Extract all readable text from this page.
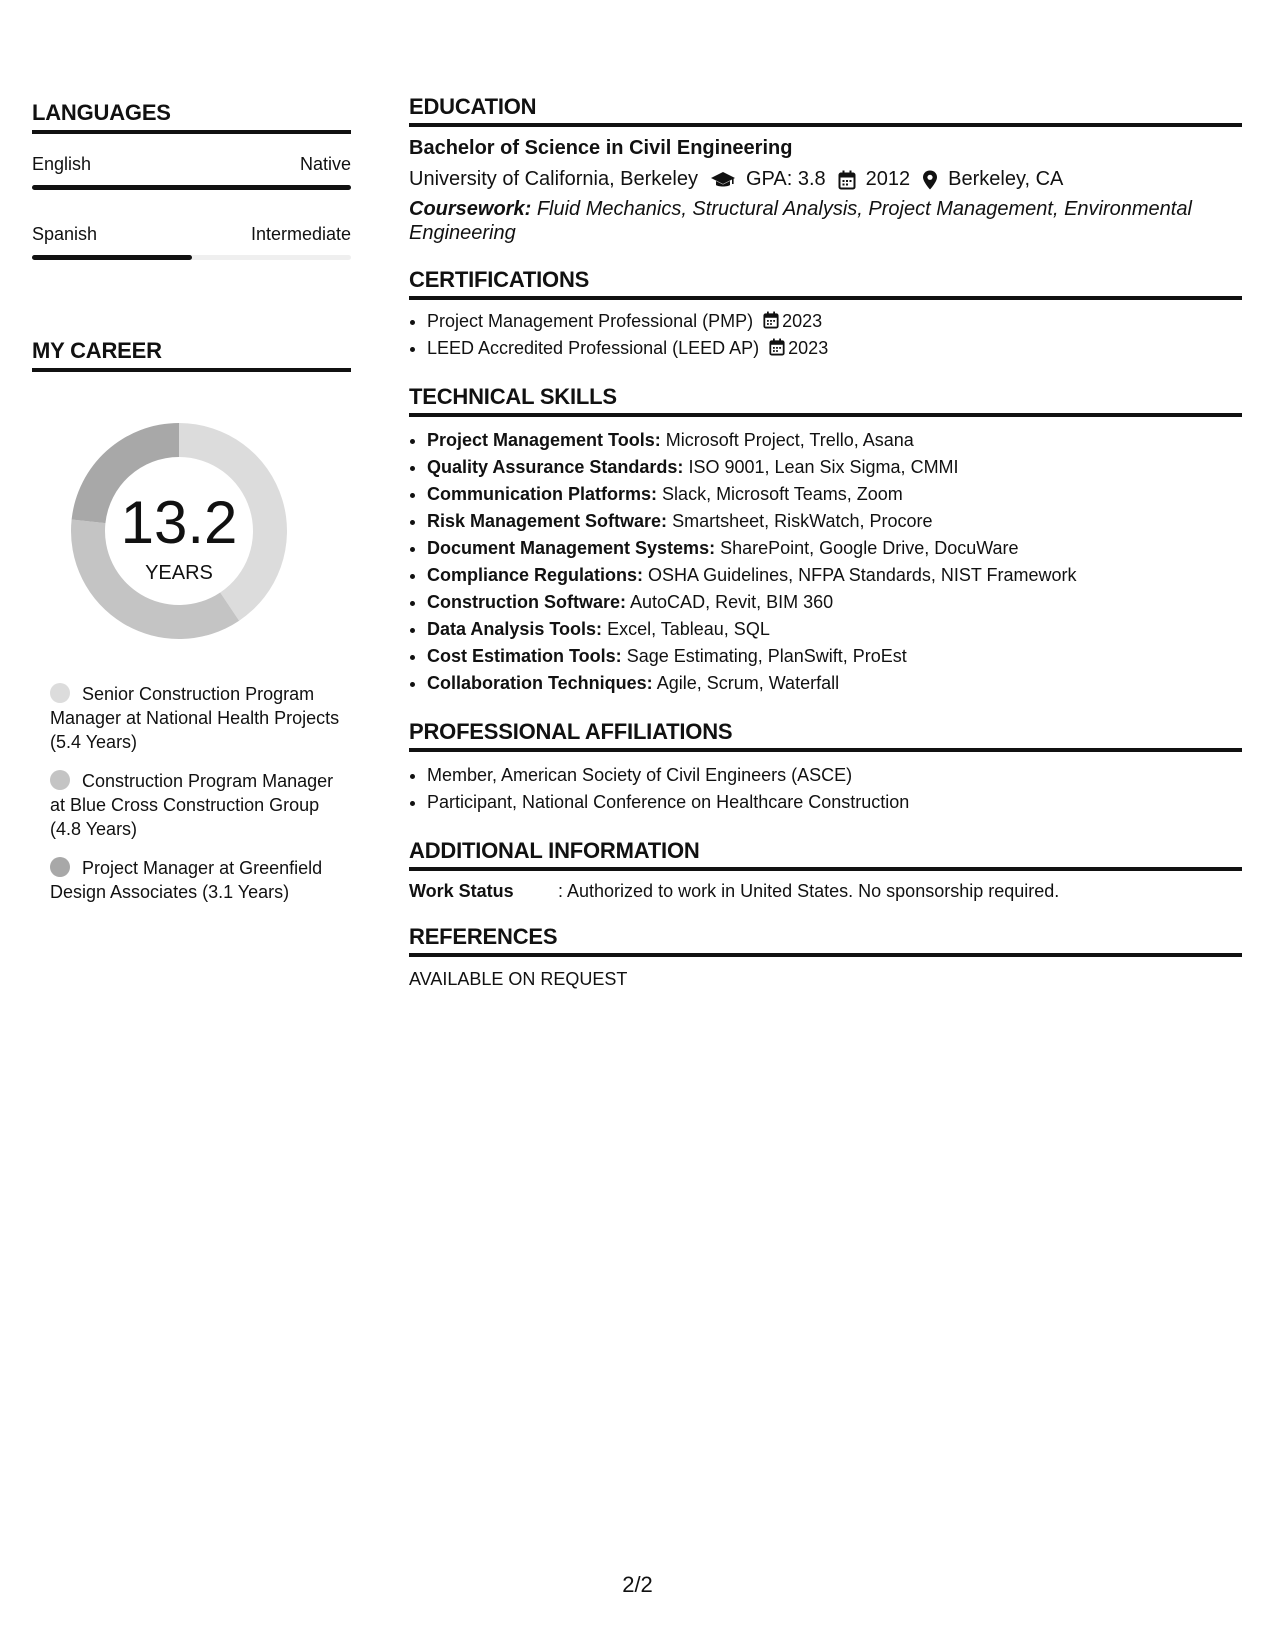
LANGUAGES
English	Native
Spanish	Intermediate
MY CAREER
13.2
YEARS
Senior Construction Program Manager at National Health Projects (5.4 Years)
Construction Program Manager at Blue Cross Construction Group (4.8 Years)
Project Manager at Greenfield Design Associates (3.1 Years)
EDUCATION
Bachelor of Science in Civil Engineering
University of California, Berkeley GPA: 3.8 2012 Berkeley, CA
Coursework: Fluid Mechanics, Structural Analysis, Project Management, Environmental Engineering
CERTIFICATIONS
• Project Management Professional (PMP) 2023
• LEED Accredited Professional (LEED AP) 2023
TECHNICAL SKILLS
• Project Management Tools: Microsoft Project, Trello, Asana
• Quality Assurance Standards: ISO 9001, Lean Six Sigma, CMMI
• Communication Platforms: Slack, Microsoft Teams, Zoom
• Risk Management Software: Smartsheet, RiskWatch, Procore
• Document Management Systems: SharePoint, Google Drive, DocuWare
• Compliance Regulations: OSHA Guidelines, NFPA Standards, NIST Framework
• Construction Software: AutoCAD, Revit, BIM 360
• Data Analysis Tools: Excel, Tableau, SQL
• Cost Estimation Tools: Sage Estimating, PlanSwift, ProEst
• Collaboration Techniques: Agile, Scrum, Waterfall
PROFESSIONAL AFFILIATIONS
• Member, American Society of Civil Engineers (ASCE)
• Participant, National Conference on Healthcare Construction
ADDITIONAL INFORMATION
Work Status	: Authorized to work in United States. No sponsorship required.
REFERENCES
AVAILABLE ON REQUEST
2/2
